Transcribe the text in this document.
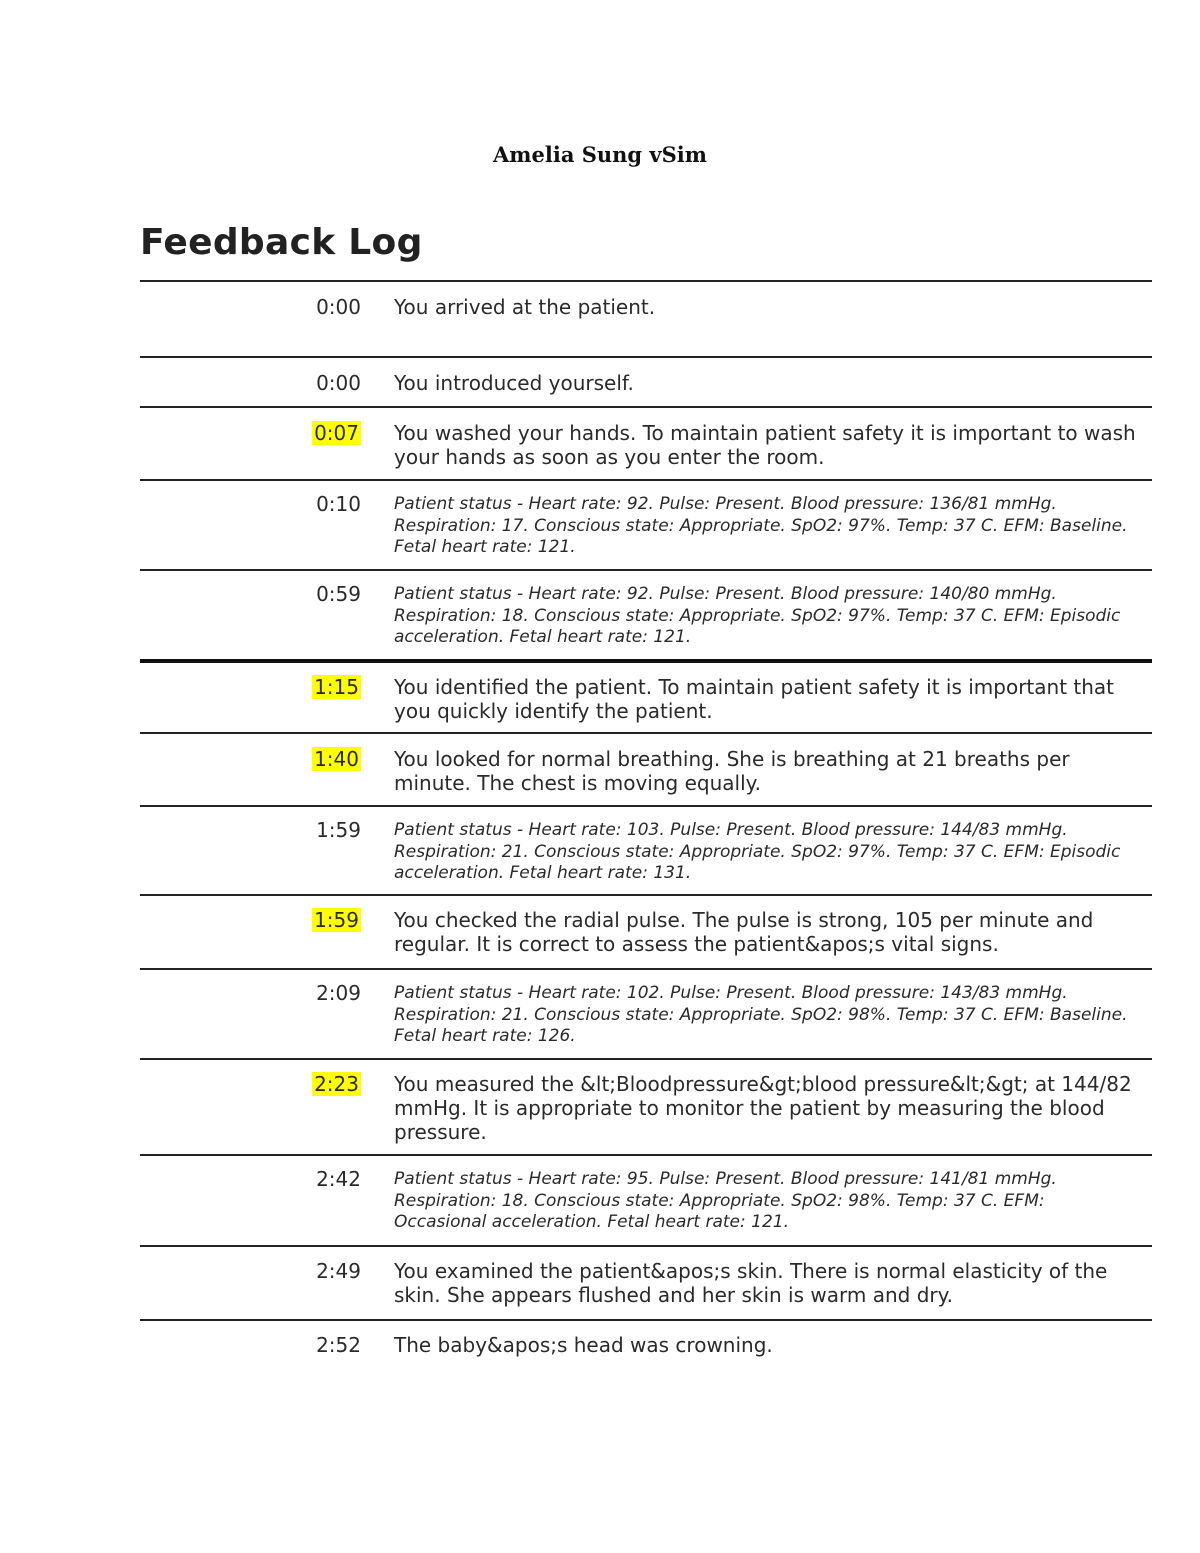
Amelia Sung vSim
Feedback Log
0:00	You arrived at the patient.
0:00	You introduced yourself.
0:07	You washed your hands. To maintain patient safety it is important to wash your hands as soon as you enter the room.
0:10	Patient status - Heart rate: 92. Pulse: Present. Blood pressure: 136/81 mmHg. Respiration: 17. Conscious state: Appropriate. SpO2: 97%. Temp: 37 C. EFM: Baseline. Fetal heart rate: 121.
0:59	Patient status - Heart rate: 92. Pulse: Present. Blood pressure: 140/80 mmHg. Respiration: 18. Conscious state: Appropriate. SpO2: 97%. Temp: 37 C. EFM: Episodic acceleration. Fetal heart rate: 121.
1:15	You identified the patient. To maintain patient safety it is important that you quickly identify the patient.
1:40	You looked for normal breathing. She is breathing at 21 breaths per minute. The chest is moving equally.
1:59	Patient status - Heart rate: 103. Pulse: Present. Blood pressure: 144/83 mmHg. Respiration: 21. Conscious state: Appropriate. SpO2: 97%. Temp: 37 C. EFM: Episodic acceleration. Fetal heart rate: 131.
1:59	You checked the radial pulse. The pulse is strong, 105 per minute and regular. It is correct to assess the patient&apos;s vital signs.
2:09	Patient status - Heart rate: 102. Pulse: Present. Blood pressure: 143/83 mmHg. Respiration: 21. Conscious state: Appropriate. SpO2: 98%. Temp: 37 C. EFM: Baseline. Fetal heart rate: 126.
2:23	You measured the &lt;Bloodpressure&gt;blood pressure&lt;&gt; at 144/82 mmHg. It is appropriate to monitor the patient by measuring the blood pressure.
2:42	Patient status - Heart rate: 95. Pulse: Present. Blood pressure: 141/81 mmHg. Respiration: 18. Conscious state: Appropriate. SpO2: 98%. Temp: 37 C. EFM: Occasional acceleration. Fetal heart rate: 121.
2:49	You examined the patient&apos;s skin. There is normal elasticity of the skin. She appears flushed and her skin is warm and dry.
2:52	The baby&apos;s head was crowning.
